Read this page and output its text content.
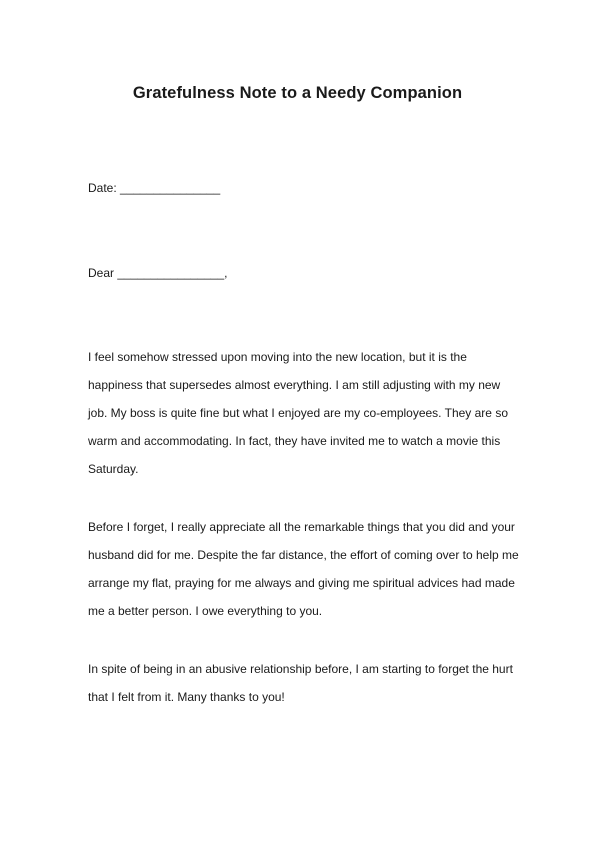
Gratefulness Note to a Needy Companion
Date: _______________
Dear ________________,
I feel somehow stressed upon moving into the new location, but it is the
happiness that supersedes almost everything. I am still adjusting with my new
job. My boss is quite fine but what I enjoyed are my co-employees. They are so
warm and accommodating. In fact, they have invited me to watch a movie this
Saturday.
Before I forget, I really appreciate all the remarkable things that you did and your
husband did for me. Despite the far distance, the effort of coming over to help me
arrange my flat, praying for me always and giving me spiritual advices had made
me a better person. I owe everything to you.
In spite of being in an abusive relationship before, I am starting to forget the hurt
that I felt from it. Many thanks to you!
